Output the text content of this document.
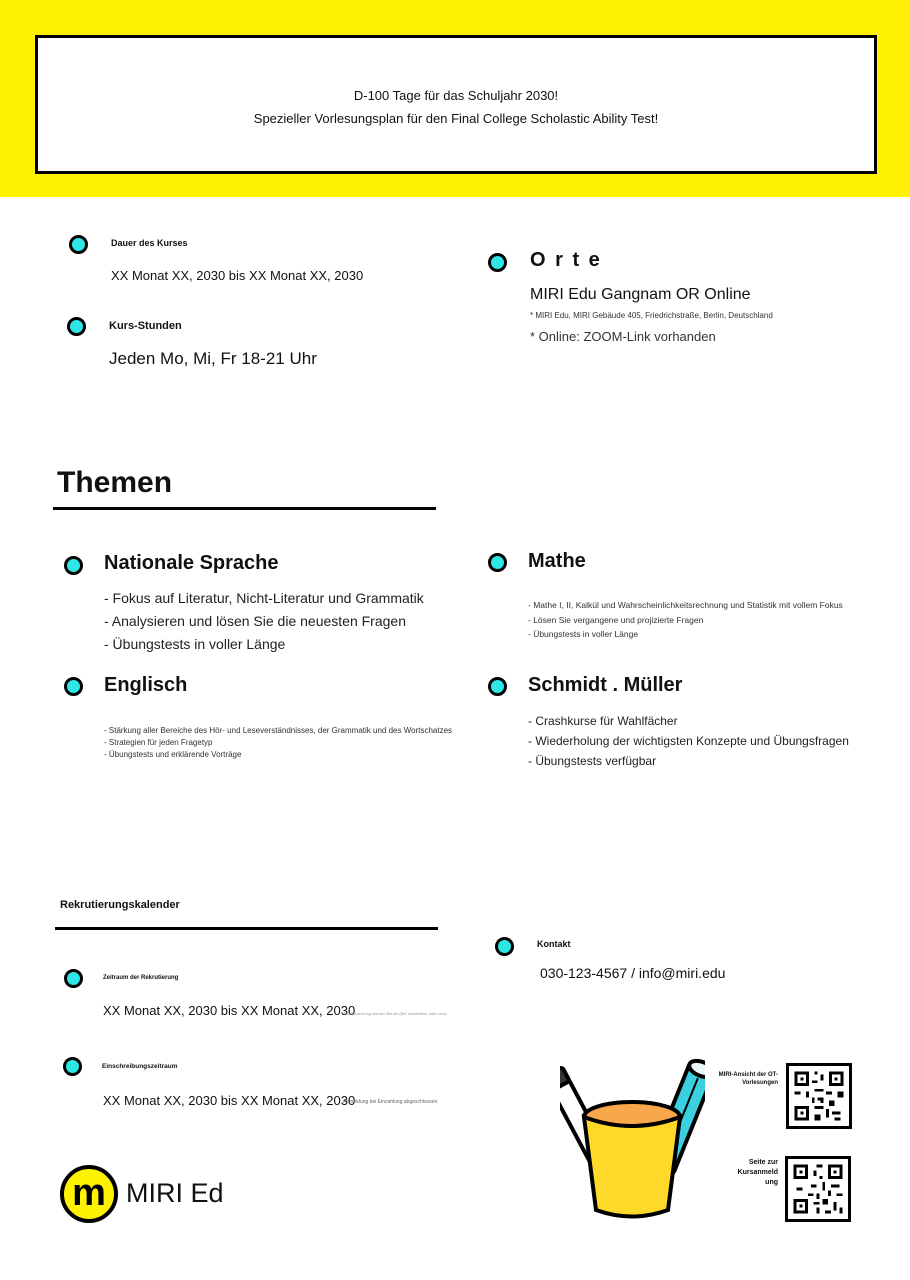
D-100 Tage für das Schuljahr 2030!
Spezieller Vorlesungsplan für den Final College Scholastic Ability Test!
Dauer des Kurses
XX Monat XX, 2030 bis XX Monat XX, 2030
Kurs-Stunden
Jeden Mo, Mi, Fr 18-21 Uhr
O r t e
MIRI Edu Gangnam OR Online
* MIRI Edu, MIRI Gebäude 405, Friedrichstraße, Berlin, Deutschland
* Online: ZOOM-Link vorhanden
Themen
Nationale Sprache
- Fokus auf Literatur, Nicht-Literatur und Grammatik
- Analysieren und lösen Sie die neuesten Fragen
- Übungstests in voller Länge
Mathe
- Mathe I, II, Kalkül und Wahrscheinlichkeitsrechnung und Statistik mit vollem Fokus
- Lösen Sie vergangene und projizierte Fragen
- Übungstests in voller Länge
Englisch
- Stärkung aller Bereiche des Hör- und Leseverständnisses, der Grammatik und des Wortschatzes
- Strategien für jeden Fragetyp
- Übungstests und erklärende Vorträge
Schmidt . Müller
- Crashkurse für Wahlfächer
- Wiederholung der wichtigsten Konzepte und Übungsfragen
- Übungstests verfügbar
Rekrutierungskalender
Zeitraum der Rekrutierung
XX Monat XX, 2030 bis XX Monat XX, 2030
Bei Bewerbung werden Berufe (Bei zweitklässl. sald rund)
Einschreibungszeitraum
XX Monat XX, 2030 bis XX Monat XX, 2030
Anmeldung bei Einzahlung abgeschlossen
Kontakt
030-123-4567 / info@miri.edu
MIRI-Ansicht der OT-Vorlesungen
Seite zur Kursanmeld ung
m MIRI Ed
